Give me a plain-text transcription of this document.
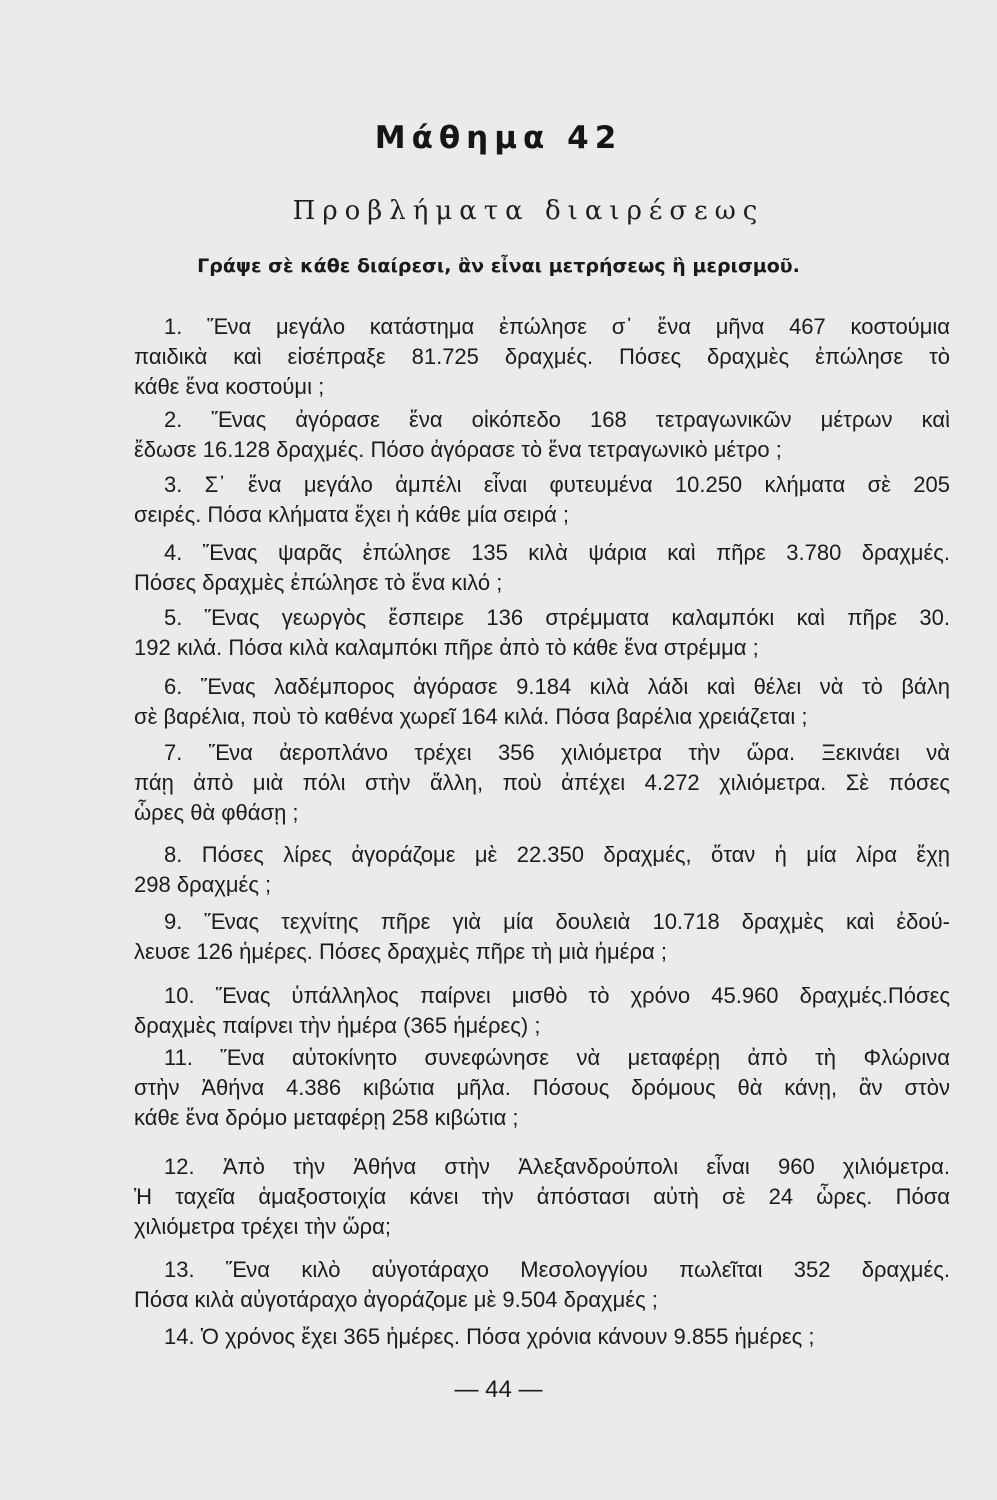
Μάθημα 42
Προβλήματα διαιρέσεως
Γράψε σὲ κάθε διαίρεσι, ἂν εἶναι μετρήσεως ἢ μερισμοῦ.
1. Ἕνα μεγάλο κατάστημα ἐπώλησε σ᾽ ἕνα μῆνα 467 κοστούμια
παιδικὰ καὶ εἰσέπραξε 81.725 δραχμές. Πόσες δραχμὲς ἐπώλησε τὸ
κάθε ἕνα κοστούμι ;
2. Ἕνας ἀγόρασε ἕνα οἰκόπεδο 168 τετραγωνικῶν μέτρων καὶ
ἔδωσε 16.128 δραχμές. Πόσο ἀγόρασε τὸ ἕνα τετραγωνικὸ μέτρο ;
3. Σ᾽ ἕνα μεγάλο ἀμπέλι εἶναι φυτευμένα 10.250 κλήματα σὲ 205
σειρές. Πόσα κλήματα ἔχει ἡ κάθε μία σειρά ;
4. Ἕνας ψαρᾶς ἐπώλησε 135 κιλὰ ψάρια καὶ πῆρε 3.780 δραχμές.
Πόσες δραχμὲς ἐπώλησε τὸ ἕνα κιλό ;
5. Ἕνας γεωργὸς ἔσπειρε 136 στρέμματα καλαμπόκι καὶ πῆρε 30.
192 κιλά. Πόσα κιλὰ καλαμπόκι πῆρε ἀπὸ τὸ κάθε ἕνα στρέμμα ;
6. Ἕνας λαδέμπορος ἀγόρασε 9.184 κιλὰ λάδι καὶ θέλει νὰ τὸ βάλη
σὲ βαρέλια, ποὺ τὸ καθένα χωρεῖ 164 κιλά. Πόσα βαρέλια χρειάζεται ;
7. Ἕνα ἀεροπλάνο τρέχει 356 χιλιόμετρα τὴν ὥρα. Ξεκινάει νὰ
πάῃ ἀπὸ μιὰ πόλι στὴν ἄλλη, ποὺ ἀπέχει 4.272 χιλιόμετρα. Σὲ πόσες
ὧρες θὰ φθάσῃ ;
8. Πόσες λίρες ἀγοράζομε μὲ 22.350 δραχμές, ὅταν ἡ μία λίρα ἔχῃ
298 δραχμές ;
9. Ἕνας τεχνίτης πῆρε γιὰ μία δουλειὰ 10.718 δραχμὲς καὶ ἐδού-
λευσε 126 ἡμέρες. Πόσες δραχμὲς πῆρε τὴ μιὰ ἡμέρα ;
10. Ἕνας ὑπάλληλος παίρνει μισθὸ τὸ χρόνο 45.960 δραχμές.Πόσες
δραχμὲς παίρνει τὴν ἡμέρα (365 ἡμέρες) ;
11. Ἕνα αὐτοκίνητο συνεφώνησε νὰ μεταφέρῃ ἀπὸ τὴ Φλώρινα
στὴν Ἀθήνα 4.386 κιβώτια μῆλα. Πόσους δρόμους θὰ κάνῃ, ἂν στὸν
κάθε ἕνα δρόμο μεταφέρῃ 258 κιβώτια ;
12. Ἀπὸ τὴν Ἀθήνα στὴν Ἀλεξανδρούπολι εἶναι 960 χιλιόμετρα.
Ἡ ταχεῖα ἁμαξοστοιχία κάνει τὴν ἀπόστασι αὐτὴ σὲ 24 ὧρες. Πόσα
χιλιόμετρα τρέχει τὴν ὥρα;
13. Ἕνα κιλὸ αὐγοτάραχο Μεσολογγίου πωλεῖται 352 δραχμές.
Πόσα κιλὰ αὐγοτάραχο ἀγοράζομε μὲ 9.504 δραχμές ;
14. Ὁ χρόνος ἔχει 365 ἡμέρες. Πόσα χρόνια κάνουν 9.855 ἡμέρες ;
— 44 —
